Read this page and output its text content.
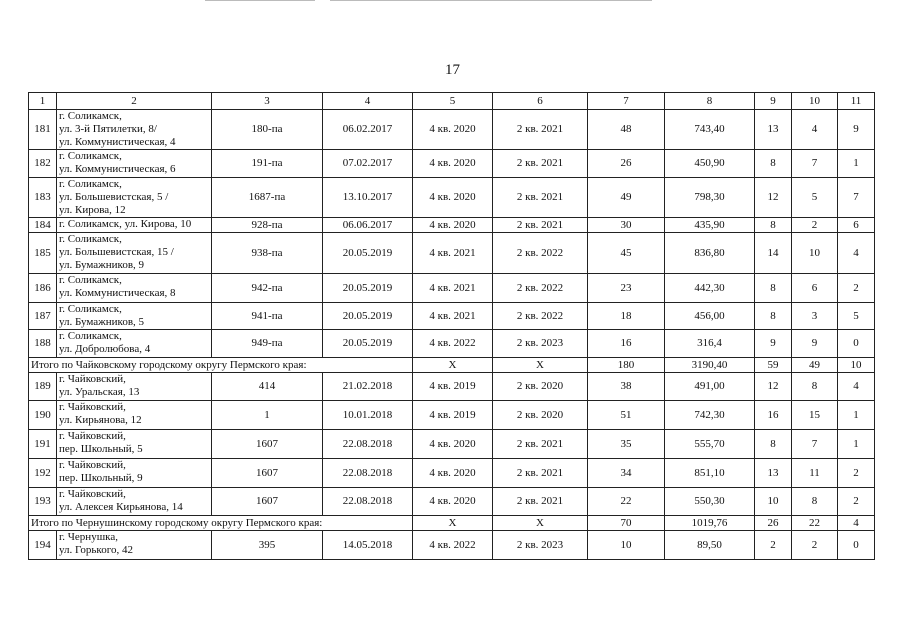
17
1	2	3	4	5	6	7	8	9	10	11
181	г. Соликамск,
ул. 3-й Пятилетки, 8/
ул. Коммунистическая, 4	180-па	06.02.2017	4 кв. 2020	2 кв. 2021	48	743,40	13	4	9
182	г. Соликамск,
ул. Коммунистическая, 6	191-па	07.02.2017	4 кв. 2020	2 кв. 2021	26	450,90	8	7	1
183	г. Соликамск,
ул. Большевистская, 5 /
ул. Кирова, 12	1687-па	13.10.2017	4 кв. 2020	2 кв. 2021	49	798,30	12	5	7
184	г. Соликамск, ул. Кирова, 10	928-па	06.06.2017	4 кв. 2020	2 кв. 2021	30	435,90	8	2	6
185	г. Соликамск,
ул. Большевистская, 15 /
ул. Бумажников, 9	938-па	20.05.2019	4 кв. 2021	2 кв. 2022	45	836,80	14	10	4
186	г. Соликамск,
ул. Коммунистическая, 8	942-па	20.05.2019	4 кв. 2021	2 кв. 2022	23	442,30	8	6	2
187	г. Соликамск,
ул. Бумажников, 5	941-па	20.05.2019	4 кв. 2021	2 кв. 2022	18	456,00	8	3	5
188	г. Соликамск,
ул. Добролюбова, 4	949-па	20.05.2019	4 кв. 2022	2 кв. 2023	16	316,4	9	9	0
Итого по Чайковскому городскому округу Пермского края:				X	X	180	3190,40	59	49	10
189	г. Чайковский,
ул. Уральская, 13	414	21.02.2018	4 кв. 2019	2 кв. 2020	38	491,00	12	8	4
190	г. Чайковский,
ул. Кирьянова, 12	1	10.01.2018	4 кв. 2019	2 кв. 2020	51	742,30	16	15	1
191	г. Чайковский,
пер. Школьный, 5	1607	22.08.2018	4 кв. 2020	2 кв. 2021	35	555,70	8	7	1
192	г. Чайковский,
пер. Школьный, 9	1607	22.08.2018	4 кв. 2020	2 кв. 2021	34	851,10	13	11	2
193	г. Чайковский,
ул. Алексея Кирьянова, 14	1607	22.08.2018	4 кв. 2020	2 кв. 2021	22	550,30	10	8	2
Итого по Чернушинскому городскому округу Пермского края:				X	X	70	1019,76	26	22	4
194	г. Чернушка,
ул. Горького, 42	395	14.05.2018	4 кв. 2022	2 кв. 2023	10	89,50	2	2	0
